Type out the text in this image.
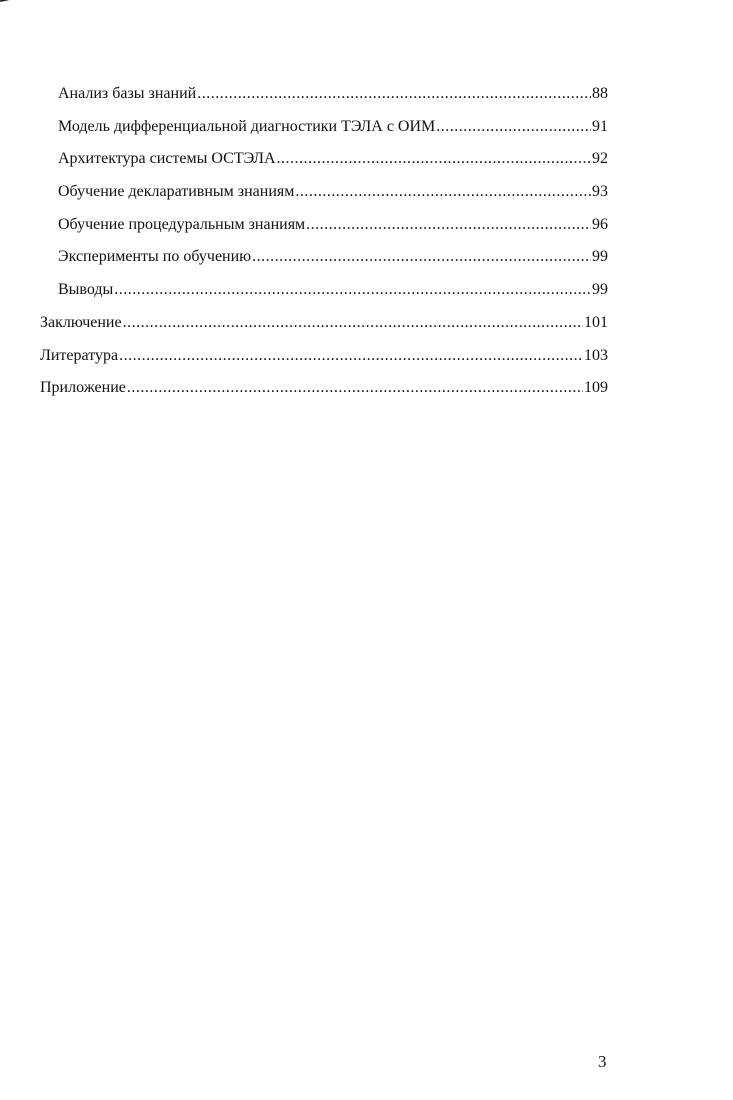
Анализ базы знаний .....	88
Модель дифференциальной диагностики ТЭЛА с ОИМ .....	91
Архитектура системы ОСТЭЛА .....	92
Обучение декларативным знаниям .....	93
Обучение процедуральным знаниям .....	96
Эксперименты по обучению .....	99
Выводы .....	99
Заключение .....	101
Литература .....	103
Приложение .....	109
3
